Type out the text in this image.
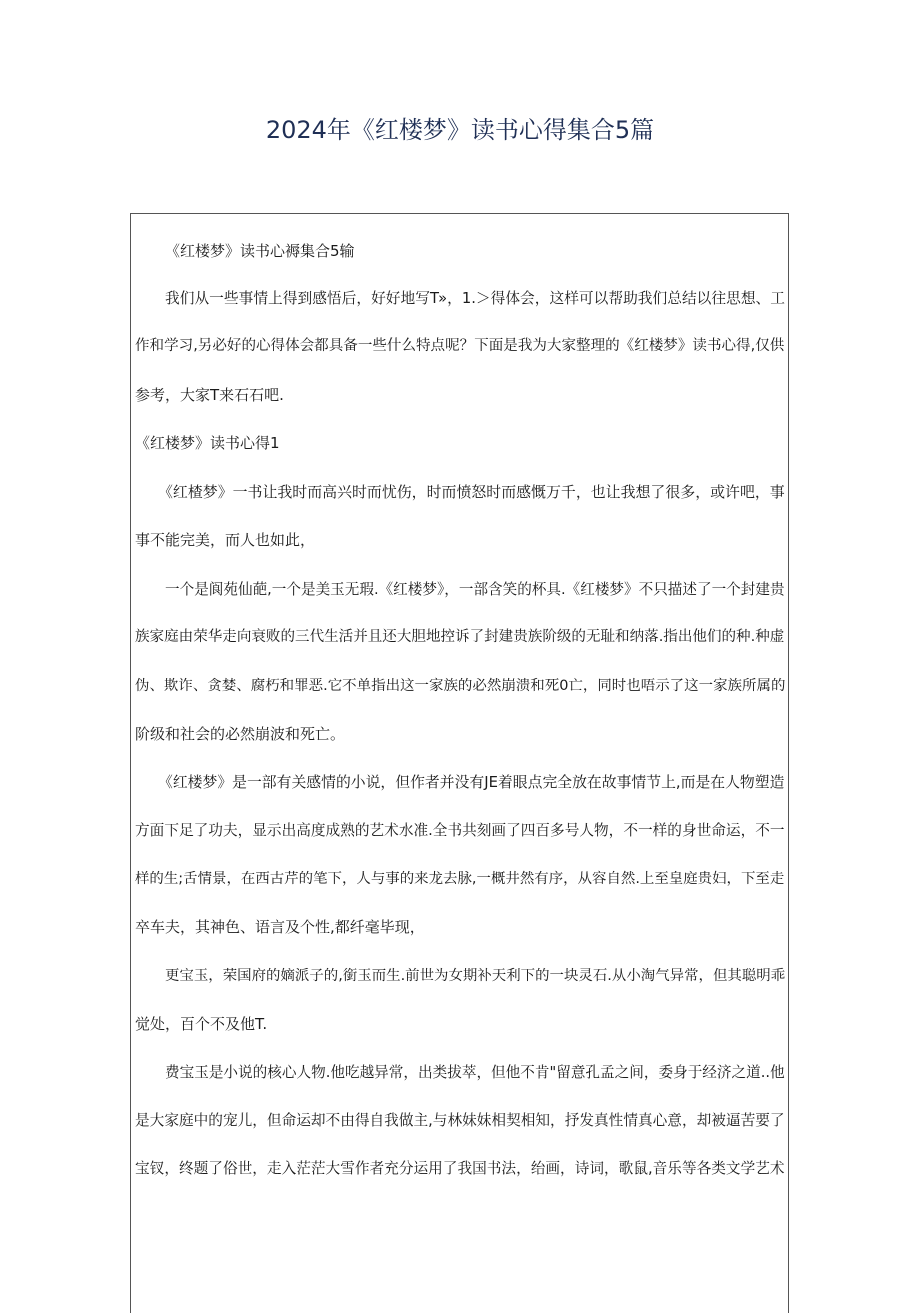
2024年《红楼梦》读书心得集合5篇
《红楼梦》读书心褥集合5输
我们从一些事情上得到感悟后，好好地写T»，1.＞得体会，这样可以帮助我们总结以往思想、工
作和学习,另必好的心得体会都具备一些什么特点呢？下面是我为大家整理的《红楼梦》读书心得,仅供
参考，大家T来石石吧.
《红楼梦》读书心得1
《红楂梦》一书让我时而高兴时而忧伤，时而愤怒时而感慨万千，也让我想了很多，或许吧，事
事不能完美，而人也如此，
一个是阆苑仙葩,一个是美玉无瑕.《红楼梦》，一部含笑的杯具.《红楼梦》不只描述了一个封建贵
族家庭由荣华走向衰败的三代生活并且还大胆地控诉了封建贵族阶级的无耻和纳落.指出他们的种.种虚
伪、欺诈、贪婪、腐朽和罪恶.它不单指出这一家族的必然崩溃和死0亡，同时也唔示了这一家族所属的
阶级和社会的必然崩波和死亡。
《红楼梦》是一部有关感情的小说，但作者并没有JE着眼点完全放在故事情节上,而是在人物塑造
方面下足了功夫，显示出高度成熟的艺术水准.全书共刻画了四百多号人物，不一样的身世命运，不一
样的生;舌情景，在西古芹的笔下，人与事的来龙去脉,一概井然有序，从容自然.上至皇庭贵妇，下至走
卒车夫，其神色、语言及个性,都纤毫毕现，
更宝玉，荣国府的嫡派子的,銜玉而生.前世为女期补天利下的一块灵石.从小淘气异常，但其聪明乖
觉处，百个不及他T.
费宝玉是小说的核心人物.他吃越异常，出类拔萃，但他不肯"留意孔孟之间，委身于经济之道..他
是大家庭中的宠儿，但命运却不由得自我做主,与林妹妹相契相知，抒发真性情真心意，却被逼苦要了
宝钗，终题了俗世，走入茫茫大雪作者充分运用了我国书法，绐画，诗词，歌鼠,音乐等各类文学艺术
